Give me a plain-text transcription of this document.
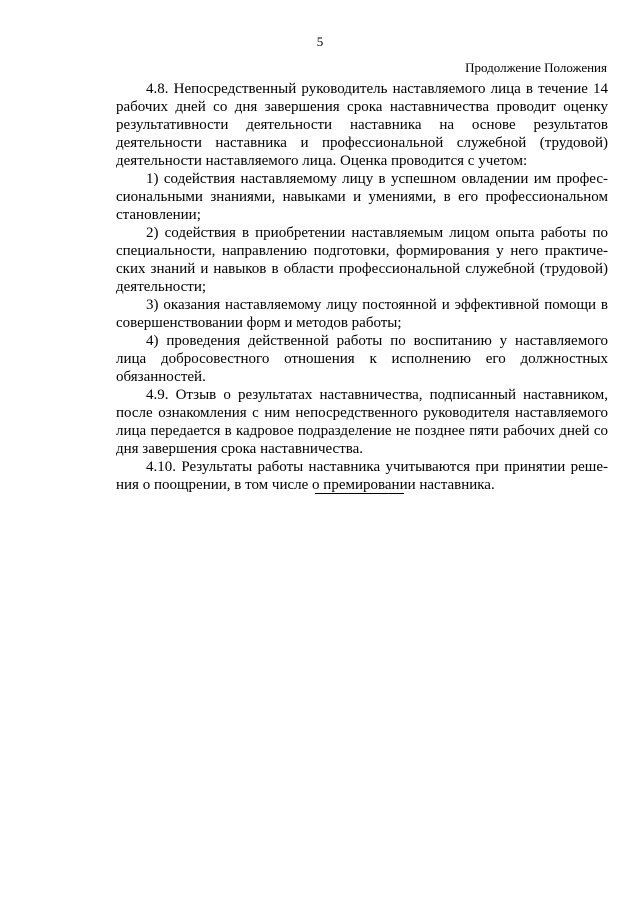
5
Продолжение Положения

4.8. Непосредственный руководитель наставляемого лица в течение 14 рабочих дней со дня завершения срока наставничества проводит оценку результативности деятельности наставника на основе результатов деятельности наставника и профессиональной служебной (трудовой) деятельности наставляемого лица. Оценка проводится с учетом:

1) содействия наставляемому лицу в успешном овладении им профессиональными знаниями, навыками и умениями, в его профессиональном становлении;

2) содействия в приобретении наставляемым лицом опыта работы по специальности, направлению подготовки, формирования у него практических знаний и навыков в области профессиональной служебной (трудовой) деятельности;

3) оказания наставляемому лицу постоянной и эффективной помощи в совершенствовании форм и методов работы;

4) проведения действенной работы по воспитанию у наставляемого лица добросовестного отношения к исполнению его должностных обязанностей.

4.9. Отзыв о результатах наставничества, подписанный наставником, после ознакомления с ним непосредственного руководителя наставляемого лица передается в кадровое подразделение не позднее пяти рабочих дней со дня завершения срока наставничества.

4.10. Результаты работы наставника учитываются при принятии решения о поощрении, в том числе о премировании наставника.
